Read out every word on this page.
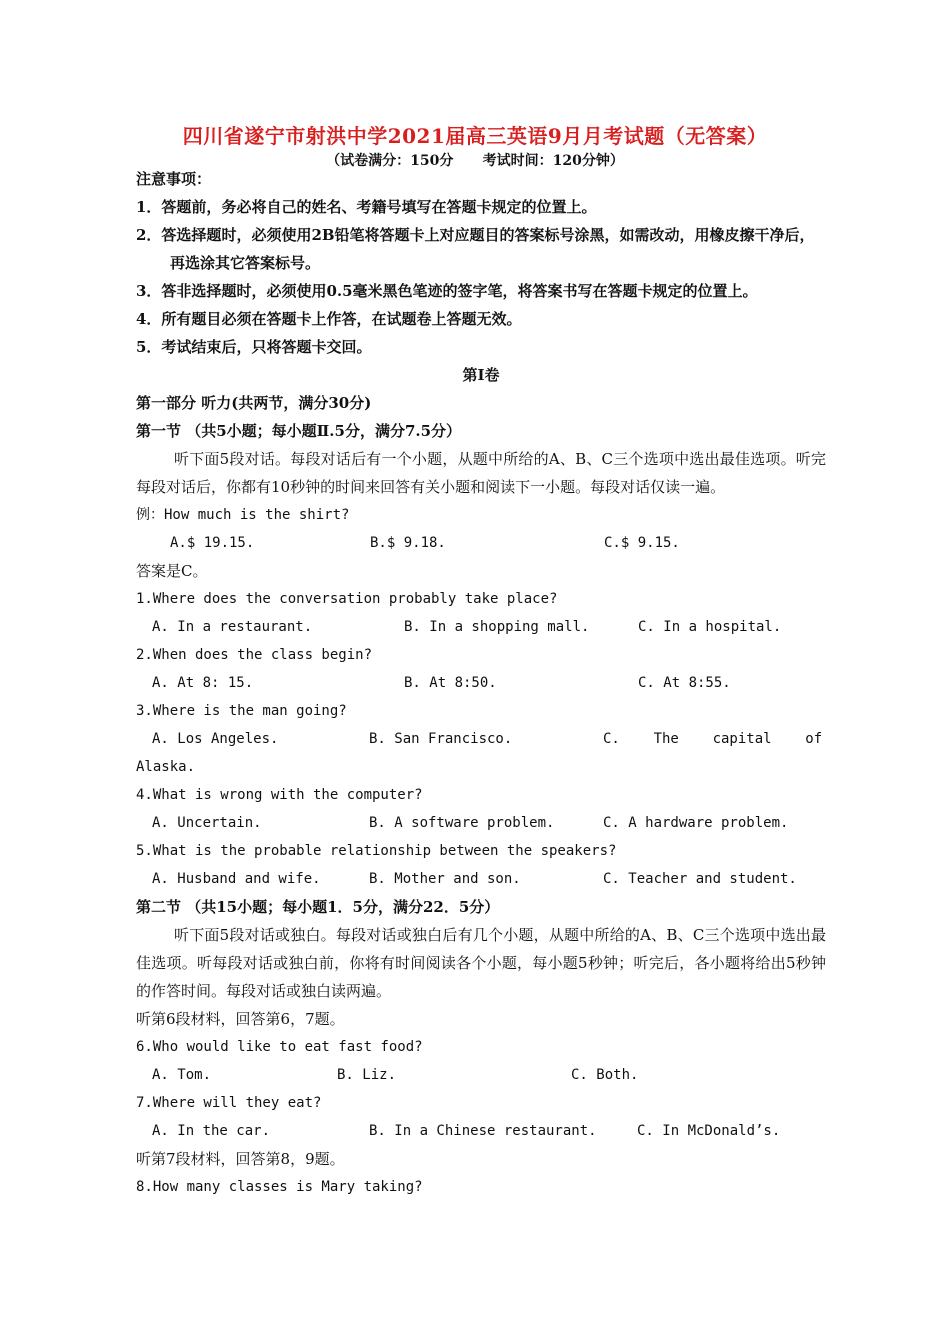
四川省遂宁市射洪中学2021届高三英语9月月考试题（无答案）
（试卷满分：150分      考试时间：120分钟）
注意事项：
1．答题前，务必将自己的姓名、考籍号填写在答题卡规定的位置上。
2．答选择题时，必须使用2B铅笔将答题卡上对应题目的答案标号涂黑，如需改动，用橡皮擦干净后，再选涂其它答案标号。
3．答非选择题时，必须使用0.5毫米黑色笔迹的签字笔，将答案书写在答题卡规定的位置上。
4．所有题目必须在答题卡上作答，在试题卷上答题无效。
5．考试结束后，只将答题卡交回。
第Ⅰ卷
第一部分 听力(共两节，满分30分)
第一节 （共5小题；每小题Ⅱ.5分，满分7.5分）
听下面5段对话。每段对话后有一个小题，从题中所给的A、B、C三个选项中选出最佳选项。听完每段对话后，你都有10秒钟的时间来回答有关小题和阅读下一小题。每段对话仅读一遍。
例：How much is the shirt?
A.$ 19.15.	B.$ 9.18.	C.$ 9.15.
答案是C。
1.Where does the conversation probably take place?
A. In a restaurant.	B. In a shopping mall.	C. In a hospital.
2.When does the class begin?
A. At 8: 15.	B. At 8:50.	C. At 8:55.
3.Where is the man going?
A. Los Angeles.	B. San Francisco.	C.    The    capital    of
Alaska.
4.What is wrong with the computer?
A. Uncertain.	B. A software problem.	C. A hardware problem.
5.What is the probable relationship between the speakers?
A. Husband and wife.	B. Mother and son.	C. Teacher and student.
第二节 （共15小题；每小题1．5分，满分22．5分）
听下面5段对话或独白。每段对话或独白后有几个小题，从题中所给的A、B、C三个选项中选出最佳选项。听每段对话或独白前，你将有时间阅读各个小题，每小题5秒钟；听完后，各小题将给出5秒钟的作答时间。每段对话或独白读两遍。
听第6段材料，回答第6，7题。
6.Who would like to eat fast food?
A. Tom.	B. Liz.	C. Both.
7.Where will they eat?
A. In the car.	B. In a Chinese restaurant.	C. In McDonald’s.
听第7段材料，回答第8，9题。
8.How many classes is Mary taking?
